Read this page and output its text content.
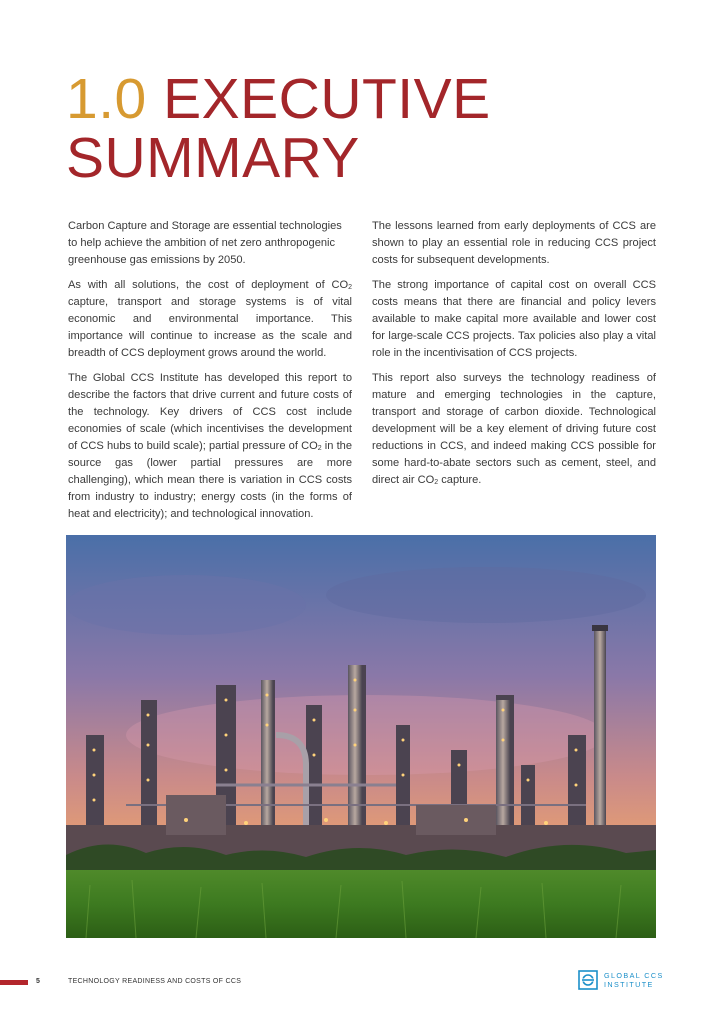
1.0 EXECUTIVE
SUMMARY

Carbon Capture and Storage are essential technologies to help achieve the ambition of net zero anthropogenic greenhouse gas emissions by 2050.

As with all solutions, the cost of deployment of $CO_2$ capture, transport and storage systems is of vital economic and environmental importance. This importance will continue to increase as the scale and breadth of CCS deployment grows around the world.

The Global CCS Institute has developed this report to describe the factors that drive current and future costs of the technology. Key drivers of CCS cost include economies of scale (which incentivises the development of CCS hubs to build scale); partial pressure of $CO_2$ in the source gas (lower partial pressures are more challenging), which mean there is variation in CCS costs from industry to industry; energy costs (in the forms of heat and electricity); and technological innovation.

The lessons learned from early deployments of CCS are shown to play an essential role in reducing CCS project costs for subsequent developments.

The strong importance of capital cost on overall CCS costs means that there are financial and policy levers available to make capital more available and lower cost for large-scale CCS projects. Tax policies also play a vital role in the incentivisation of CCS projects.

This report also surveys the technology readiness of mature and emerging technologies in the capture, transport and storage of carbon dioxide. Technological development will be a key element of driving future cost reductions in CCS, and indeed making CCS possible for some hard-to-abate sectors such as cement, steel, and direct air $CO_2$ capture.

5	TECHNOLOGY READINESS AND COSTS OF CCS
GLOBAL CCS
INSTITUTE
